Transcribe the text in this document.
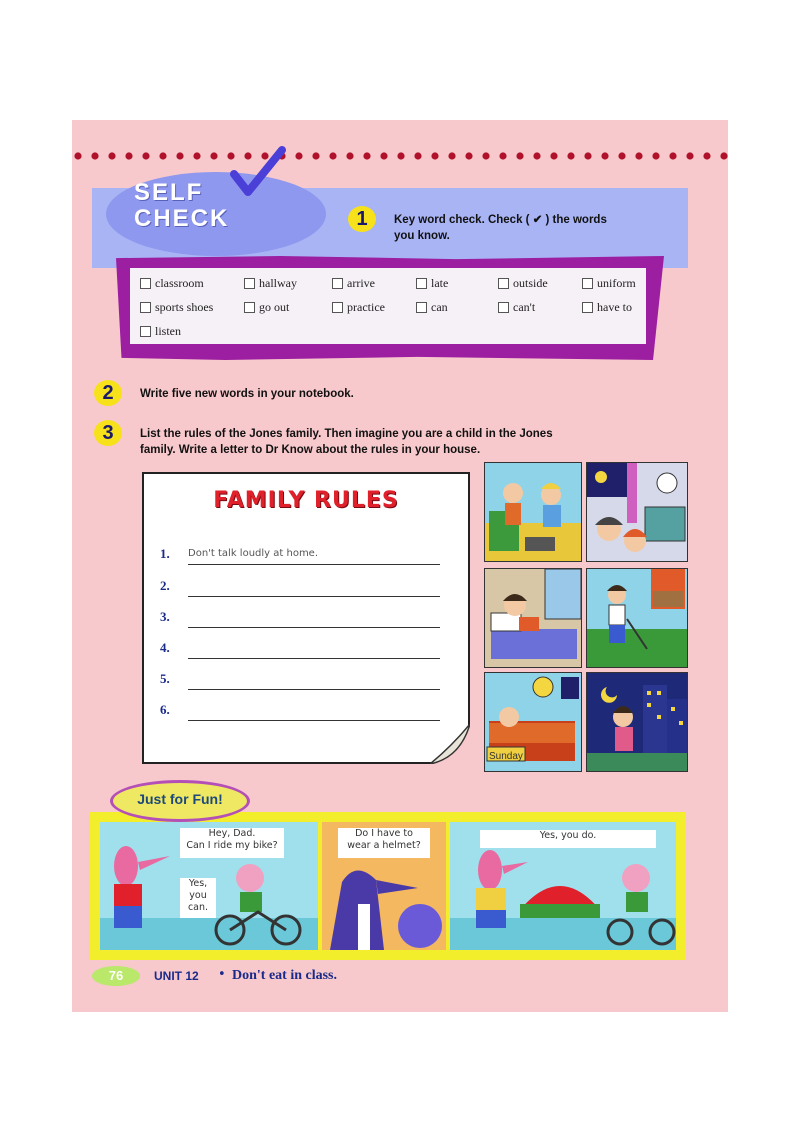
SELF
CHECK	1	Key word check. Check ( ✔ ) the words
you know.
classroom	hallway	arrive	late	outside	uniform
sports shoes	go out	practice	can	can't	have to
listen
2	Write five new words in your notebook.
3	List the rules of the Jones family. Then imagine you are a child in the Jones
family. Write a letter to Dr Know about the rules in your house.
FAMILY RULES
1. Don't talk loudly at home.
2.
3.
4.
5.
6.
Sunday
Hey, Dad.
Can I ride my bike?
Yes,
you
can.
Do I have to
wear a helmet?
Yes, you do.
Just for Fun!
76	UNIT 12 • Don't eat in class.
